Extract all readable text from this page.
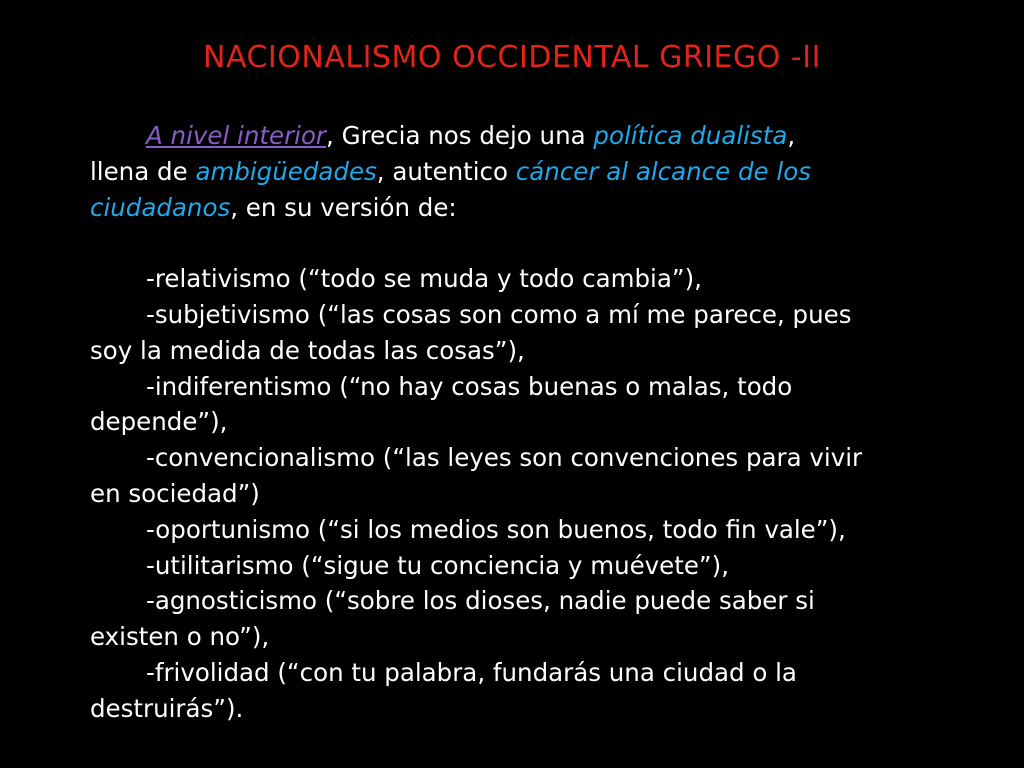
NACIONALISMO OCCIDENTAL GRIEGO -II
A nivel interior, Grecia nos dejo una política dualista,
llena de ambigüedades, autentico cáncer al alcance de los
ciudadanos, en su versión de:
-relativismo (“todo se muda y todo cambia”),
-subjetivismo (“las cosas son como a mí me parece, pues
soy la medida de todas las cosas”),
-indiferentismo (“no hay cosas buenas o malas, todo
depende”),
-convencionalismo (“las leyes son convenciones para vivir
en sociedad”)
-oportunismo (“si los medios son buenos, todo fin vale”),
-utilitarismo (“sigue tu conciencia y muévete”),
-agnosticismo (“sobre los dioses, nadie puede saber si
existen o no”),
-frivolidad (“con tu palabra, fundarás una ciudad o la
destruirás”).
